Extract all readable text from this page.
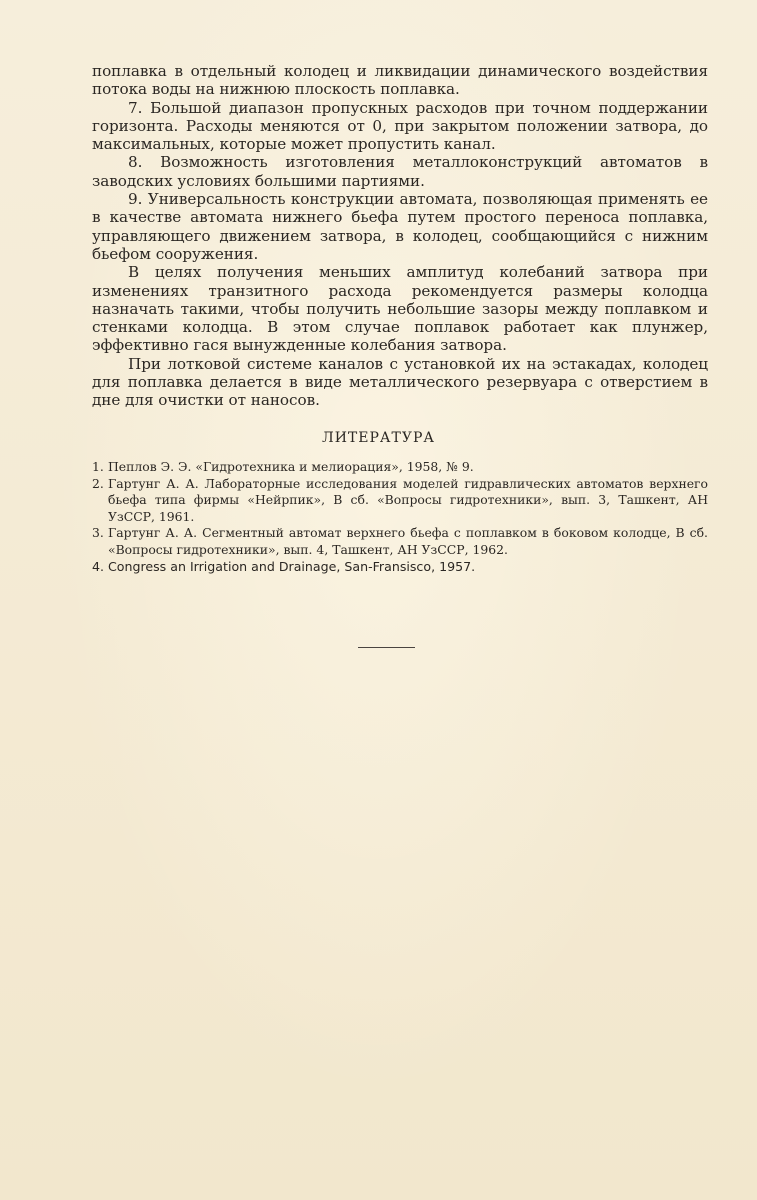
поплавка в отдельный колодец и ликвидации динамического воздействия потока воды на нижнюю плоскость поплавка.

7. Большой диапазон пропускных расходов при точном поддержании горизонта. Расходы меняются от 0, при закрытом положении затвора, до максимальных, которые может пропустить канал.

8. Возможность изготовления металлоконструкций автоматов в заводских условиях большими партиями.

9. Универсальность конструкции автомата, позволяющая применять ее в качестве автомата нижнего бьефа путем простого переноса поплавка, управляющего движением затвора, в колодец, сообщающийся с нижним бьефом сооружения.

В целях получения меньших амплитуд колебаний затвора при изменениях транзитного расхода рекомендуется размеры колодца назначать такими, чтобы получить небольшие зазоры между поплавком и стенками колодца. В этом случае поплавок работает как плунжер, эффективно гася вынужденные колебания затвора.

При лотковой системе каналов с установкой их на эстакадах, колодец для поплавка делается в виде металлического резервуара с отверстием в дне для очистки от наносов.

ЛИТЕРАТУРА
1. Пеплов Э. Э. «Гидротехника и мелиорация», 1958, № 9.
2. Гартунг А. А. Лабораторные исследования моделей гидравлических автоматов верхнего бьефа типа фирмы «Нейрпик», В сб. «Вопросы гидротехники», вып. 3, Ташкент, АН УзССР, 1961.
3. Гартунг А. А. Сегментный автомат верхнего бьефа с поплавком в боковом колодце, В сб. «Вопросы гидротехники», вып. 4, Ташкент, АН УзССР, 1962.
4. Congress an Irrigation and Drainage, San-Fransisco, 1957.
